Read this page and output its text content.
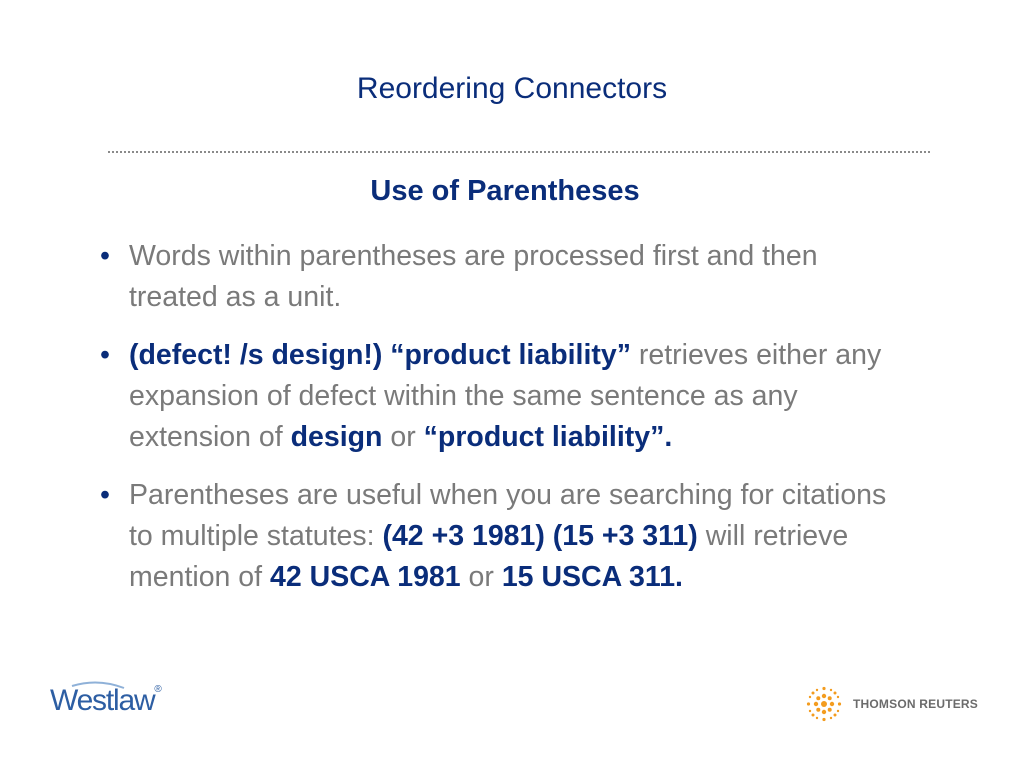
Reordering Connectors
Use of Parentheses
• Words within parentheses are processed first and then treated as a unit.
• (defect! /s design!) “product liability” retrieves either any expansion of defect within the same sentence as any extension of design or “product liability”.
• Parentheses are useful when you are searching for citations to multiple statutes: (42 +3 1981) (15 +3 311) will retrieve mention of 42 USCA 1981 or 15 USCA 311.
Westlaw®
THOMSON REUTERS
